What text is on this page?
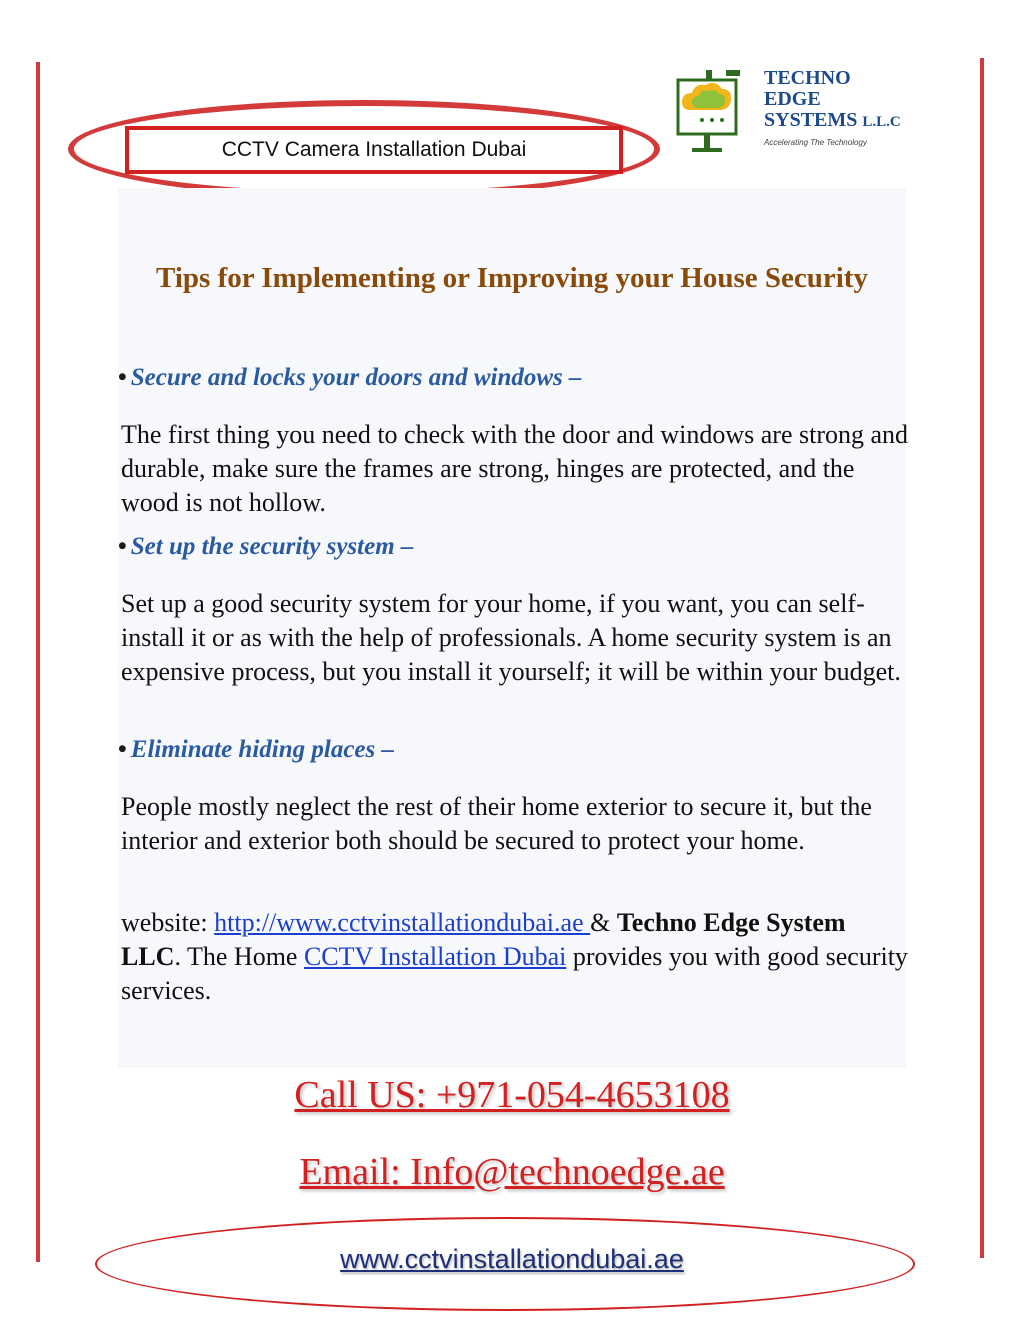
CCTV Camera Installation Dubai
TECHNO
EDGE
SYSTEMS L.L.C
Accelerating The Technology
Tips for Implementing or Improving your House Security
• Secure and locks your doors and windows –
The first thing you need to check with the door and windows are strong and durable, make sure the frames are strong, hinges are protected, and the wood is not hollow.
• Set up the security system –
Set up a good security system for your home, if you want, you can self-install it or as with the help of professionals. A home security system is an expensive process, but you install it yourself; it will be within your budget.
• Eliminate hiding places –
People mostly neglect the rest of their home exterior to secure it, but the interior and exterior both should be secured to protect your home.
website: http://www.cctvinstallationdubai.ae & Techno Edge System LLC. The Home CCTV Installation Dubai provides you with good security services.
Call US: +971-054-4653108
Email: Info@technoedge.ae
www.cctvinstallationdubai.ae
